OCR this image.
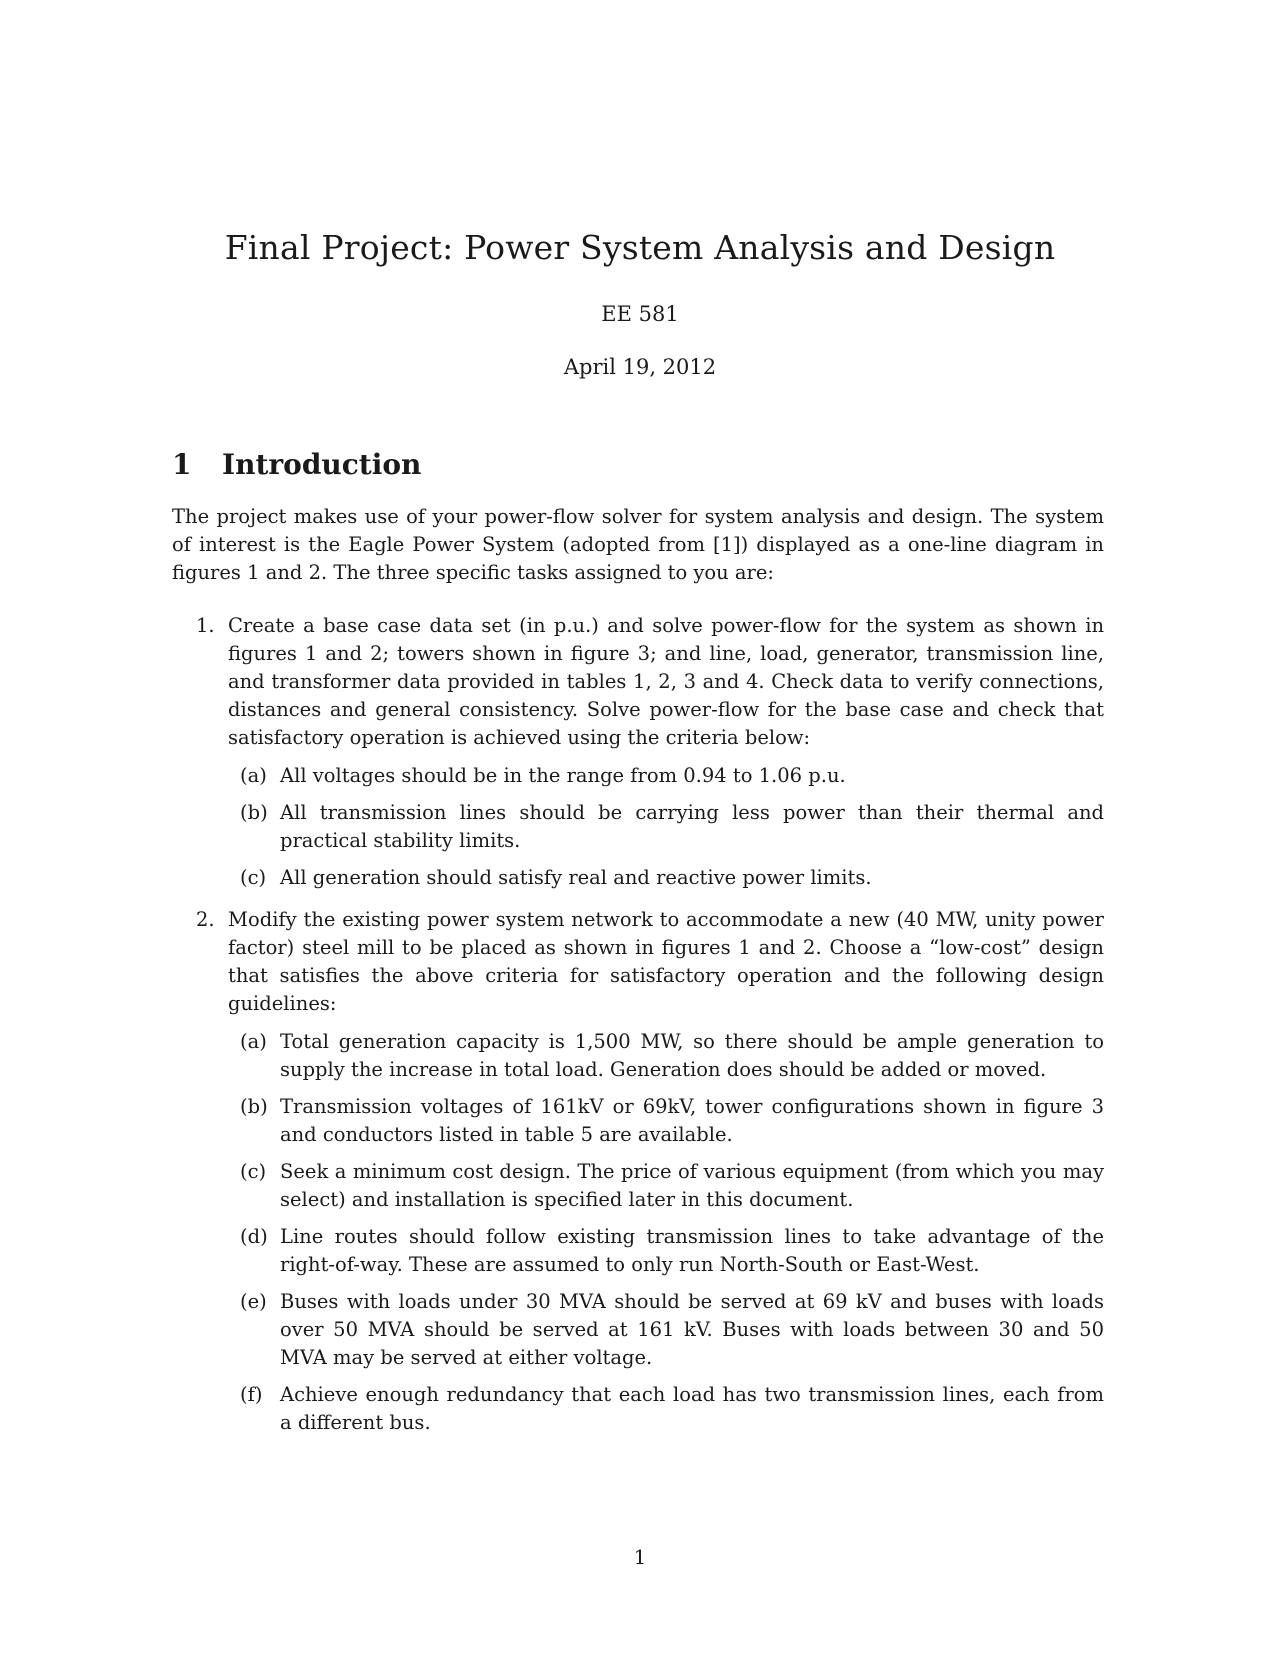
Final Project: Power System Analysis and Design
EE 581
April 19, 2012
1 Introduction

The project makes use of your power-flow solver for system analysis and design. The system of interest is the Eagle Power System (adopted from [1]) displayed as a one-line diagram in figures 1 and 2. The three specific tasks assigned to you are:

1. Create a base case data set (in p.u.) and solve power-flow for the system as shown in figures 1 and 2; towers shown in figure 3; and line, load, generator, transmission line, and transformer data provided in tables 1, 2, 3 and 4. Check data to verify connections, distances and general consistency. Solve power-flow for the base case and check that satisfactory operation is achieved using the criteria below:
(a) All voltages should be in the range from 0.94 to 1.06 p.u.
(b) All transmission lines should be carrying less power than their thermal and practical stability limits.
(c) All generation should satisfy real and reactive power limits.
2. Modify the existing power system network to accommodate a new (40 MW, unity power factor) steel mill to be placed as shown in figures 1 and 2. Choose a “low-cost” design that satisfies the above criteria for satisfactory operation and the following design guidelines:
(a) Total generation capacity is 1,500 MW, so there should be ample generation to supply the increase in total load. Generation does should be added or moved.
(b) Transmission voltages of 161kV or 69kV, tower configurations shown in figure 3 and conductors listed in table 5 are available.
(c) Seek a minimum cost design. The price of various equipment (from which you may select) and installation is specified later in this document.
(d) Line routes should follow existing transmission lines to take advantage of the right-of-way. These are assumed to only run North-South or East-West.
(e) Buses with loads under 30 MVA should be served at 69 kV and buses with loads over 50 MVA should be served at 161 kV. Buses with loads between 30 and 50 MVA may be served at either voltage.
(f) Achieve enough redundancy that each load has two transmission lines, each from a different bus.
1
